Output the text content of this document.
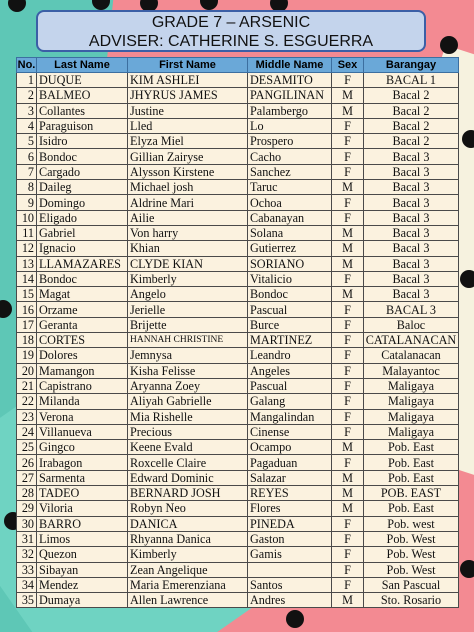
GRADE 7 – ARSENIC
ADVISER: CATHERINE S. ESGUERRA
No.	Last Name	First Name	Middle Name	Sex	Barangay
1	DUQUE	KIM ASHLEI	DESAMITO	F	BACAL 1
2	BALMEO	JHYRUS JAMES	PANGILINAN	M	Bacal 2
3	Collantes	Justine	Palambergo	M	Bacal 2
4	Paraguison	Lled	Lo	F	Bacal 2
5	Isidro	Elyza Miel	Prospero	F	Bacal 2
6	Bondoc	Gillian Zairyse	Cacho	F	Bacal 3
7	Cargado	Alysson Kirstene	Sanchez	F	Bacal 3
8	Daileg	Michael josh	Taruc	M	Bacal 3
9	Domingo	Aldrine Mari	Ochoa	F	Bacal 3
10	Eligado	Ailie	Cabanayan	F	Bacal 3
11	Gabriel	Von harry	Solana	M	Bacal 3
12	Ignacio	Khian	Gutierrez	M	Bacal 3
13	LLAMAZARES	CLYDE KIAN	SORIANO	M	Bacal 3
14	Bondoc	Kimberly	Vitalicio	F	Bacal 3
15	Magat	Angelo	Bondoc	M	Bacal 3
16	Orzame	Jerielle	Pascual	F	BACAL 3
17	Geranta	Brijette	Burce	F	Baloc
18	CORTES	HANNAH CHRISTINE	MARTINEZ	F	CATALANACAN
19	Dolores	Jemnysa	Leandro	F	Catalanacan
20	Mamangon	Kisha Felisse	Angeles	F	Malayantoc
21	Capistrano	Aryanna Zoey	Pascual	F	Maligaya
22	Milanda	Aliyah Gabrielle	Galang	F	Maligaya
23	Verona	Mia Rishelle	Mangalindan	F	Maligaya
24	Villanueva	Precious	Cinense	F	Maligaya
25	Gingco	Keene Evald	Ocampo	M	Pob. East
26	Irabagon	Roxcelle Claire	Pagaduan	F	Pob. East
27	Sarmenta	Edward Dominic	Salazar	M	Pob. East
28	TADEO	BERNARD JOSH	REYES	M	POB. EAST
29	Viloria	Robyn Neo	Flores	M	Pob. East
30	BARRO	DANICA	PINEDA	F	Pob. west
31	Limos	Rhyanna Danica	Gaston	F	Pob. West
32	Quezon	Kimberly	Gamis	F	Pob. West
33	Sibayan	Zean Angelique		F	Pob. West
34	Mendez	Maria Emerenziana	Santos	F	San Pascual
35	Dumaya	Allen Lawrence	Andres	M	Sto. Rosario
